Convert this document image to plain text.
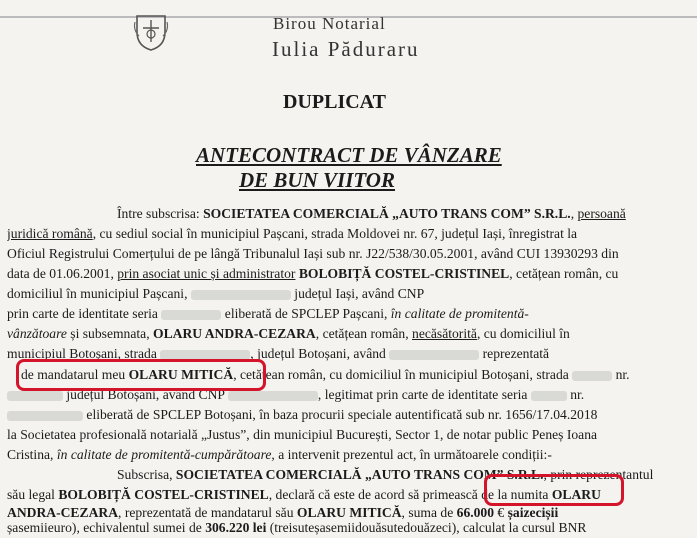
Birou Notarial
Iulia Păduraru
DUPLICAT
ANTECONTRACT DE VÂNZARE
DE BUN VIITOR
Între subscrisa: SOCIETATEA COMERCIALĂ „AUTO TRANS COM” S.R.L., persoană
juridică română, cu sediul social în municipiul Pașcani, strada Moldovei nr. 67, județul Iași, înregistrat la
Oficiul Registrului Comerțului de pe lângă Tribunalul Iași sub nr. J22/538/30.05.2001, având CUI 13930293 din
data de 01.06.2001, prin asociat unic și administrator BOLOBIȚĂ COSTEL-CRISTINEL, cetățean român, cu
domiciliul în municipiul Pașcani,	județul Iași, având CNP
prin carte de identitate seria	eliberată de SPCLEP Pașcani, în calitate de promitentă-
vânzătoare și subsemnata, OLARU ANDRA-CEZARA, cetățean român, necăsătorită, cu domiciliul în
municipiul Botoșani, strada	, județul Botoșani, având	reprezentată
de mandatarul meu OLARU MITICĂ, cetățean român, cu domiciliul în municipiul Botoșani, strada	nr.
județul Botoșani, având CNP	, legitimat prin carte de identitate seria	nr.
eliberată de SPCLEP Botoșani, în baza procurii speciale autentificată sub nr. 1656/17.04.2018
la Societatea profesională notarială „Justus”, din municipiul București, Sector 1, de notar public Peneș Ioana
Cristina, în calitate de promitentă-cumpărătoare, a intervenit prezentul act, în următoarele condiții:-
Subscrisa, SOCIETATEA COMERCIALĂ „AUTO TRANS COM” S.R.L., prin reprezentantul
său legal BOLOBIȚĂ COSTEL-CRISTINEL, declară că este de acord să primească de la numita OLARU
ANDRA-CEZARA, reprezentată de mandatarul său OLARU MITICĂ, suma de 66.000 € șaizecișii
șasemiieuro), echivalentul sumei de 306.220 lei (treisuteșasemiidouăsutedouăzeci), calculat la cursul BNR
